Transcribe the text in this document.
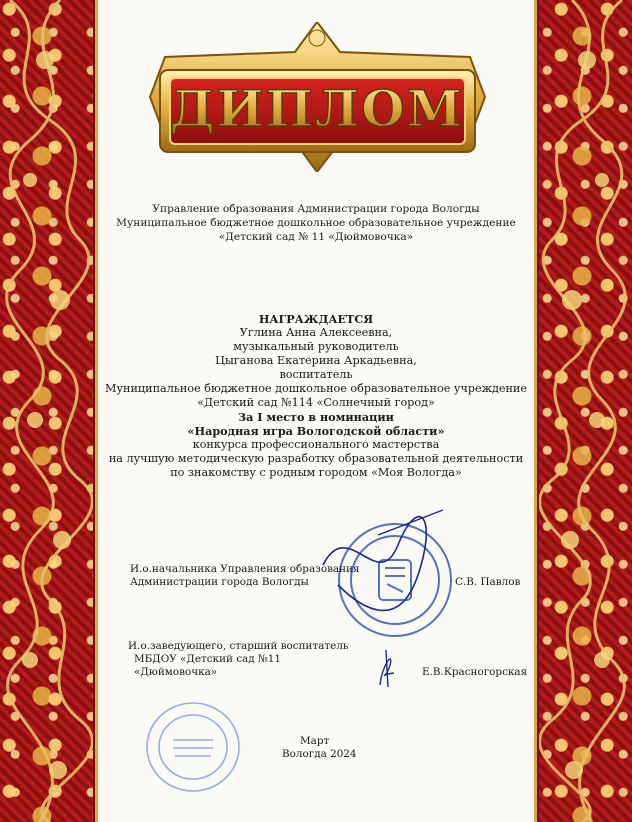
ДИПЛОМ
Управление образования Администрации города Вологды
Муниципальное бюджетное дошкольное образовательное учреждение
«Детский сад № 11 «Дюймовочка»
НАГРАЖДАЕТСЯ
Углина Анна Алексеевна,
музыкальный руководитель
Цыганова Екатерина Аркадьевна,
воспитатель
Муниципальное бюджетное дошкольное образовательное учреждение
«Детский сад №114 «Солнечный город»
За I место в номинации
«Народная игра Вологодской области»
конкурса профессионального мастерства
на лучшую методическую разработку образовательной деятельности
по знакомству с родным городом «Моя Вологда»
И.о.начальника Управления образования
Администрации города Вологды	С.В. Павлов
И.о.заведующего, старший воспитатель
МБДОУ «Детский сад №11
«Дюймовочка»	Е.В.Красногорская
Март
Вологда 2024
